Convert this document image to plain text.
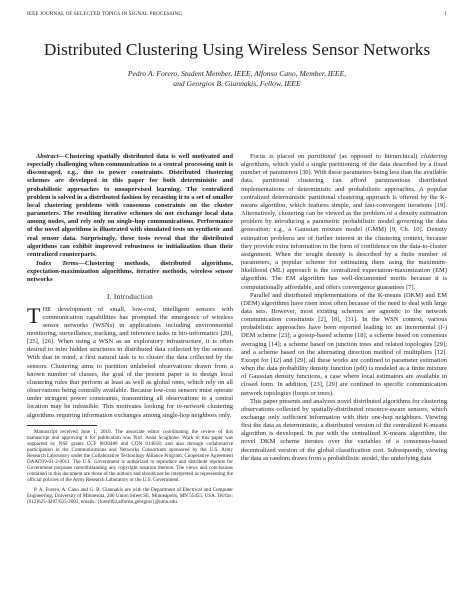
IEEE JOURNAL OF SELECTED TOPICS IN SIGNAL PROCESSING	1
Distributed Clustering Using Wireless Sensor Networks
Pedro A. Forero, Student Member, IEEE, Alfonso Cano, Member, IEEE,
and Georgios B. Giannakis, Fellow, IEEE

Abstract—Clustering spatially distributed data is well motivated and especially challenging when communication to a central processing unit is discouraged, e.g., due to power constraints. Distributed clustering schemes are developed in this paper for both deterministic and probabilistic approaches to unsupervised learning. The centralized problem is solved in a distributed fashion by recasting it to a set of smaller local clustering problems with consensus constraints on the cluster parameters. The resulting iterative schemes do not exchange local data among nodes, and rely only on single-hop communications. Performance of the novel algorithms is illustrated with simulated tests on synthetic and real sensor data. Surprisingly, these tests reveal that the distributed algorithms can exhibit improved robustness to initialization than their centralized counterparts.

Index Terms—Clustering methods, distributed algorithms, expectation-maximization algorithms, iterative methods, wireless sensor networks

I. Introduction

THE development of small, low-cost, intelligent sensors with communication capabilities has prompted the emergence of wireless sensor networks (WSNs) in applications including environmental monitoring, surveillance, tracking, and inference tasks in bio-informatics [20], [25], [26]. When using a WSN as an exploratory infrastructure, it is often desired to infer hidden structures in distributed data collected by the sensors. With that in mind, a first natural task is to cluster the data collected by the sensors. Clustering aims to partition unlabeled observations drawn from a known number of classes, the goal of the present paper is to design local clustering rules that perform at least as well as global ones, which rely on all observations being centrally available. Because low-cost sensors must operate under stringent power constraints, transmitting all observations to a central location may be infeasible. This motivates looking for in-network clustering algorithms requiring information exchanges among single-hop neighbors only.

Manuscript received June 1, 2010. The associate editor coordinating the review of this manuscript and approving it for publication was Prof. Anna Scaglione. Work in this paper was supported by NSF grants CCF 0830480 and CON 014658; and also through collaborative participation in the Communications and Networks Consortium sponsored by the U.S. Army Research Laboratory under the Collaborative Technology Alliance Program, Cooperative Agreement DAAD19-01-2-0011. The U.S. Government is authorized to reproduce and distribute reprints for Government purposes notwithstanding any copyright notation thereon. The views and conclusions contained in this document are those of the authors and should not be interpreted as representing the official policies of the Army Research Laboratory or the U.S. Government.

P. A. Forero, A. Cano and G. B. Giannakis are with the Department of Electrical and Computer Engineering, University of Minnesota, 200 Union Street SE, Minneapolis, MN 55455, USA. Tel/fax: (612)625-4287/625-2002, emails: {forer002,alfonso,georgios}@umn.edu.

Focus is placed on partitional (as opposed to hierarchical) clustering algorithms, which yield a single partitioning of the data described by a fixed number of parameters [30]. With these parameters being less than the available data, partitional clustering can afford parsimonious distributed implementations of deterministic and probabilistic approaches. A popular centralized deterministic partitional clustering approach is offered by the K-means algorithm, which features simple, and fast-convergent iterations [19]. Alternatively, clustering can be viewed as the problem of a density estimation problem by introducing a parametric probabilistic model governing the data generation; e.g., a Gaussian mixture model (GMM) [9, Ch. 10]. Density estimation problems are of further interest in the clustering context, because they provide extra information in the form of confidence on the data-to-cluster assignment. When the sought density is described by a finite number of parameters, a popular scheme for estimating them using the maximum-likelihood (ML) approach is the centralized expectation-maximization (EM) algorithm. The EM algorithm has well-documented merits because it is computationally affordable, and offers convergence guarantees [7].

Parallel and distributed implementations of the K-means (DKM) and EM (DEM) algorithms have risen most often because of the need to deal with large data sets. However, most existing schemes are agnostic to the network communication constraints [2], [8], [31]. In the WSN context, various probabilistic approaches have been reported leading to: an incremental (I-) DEM scheme [23]; a gossip-based scheme [18]; a scheme based on consensus averaging [14]; a scheme based on junction trees and related topologies [29]; and a scheme based on the alternating direction method of multipliers [12]. Except for [12] and [29], all these works are confined to parameter estimation when the data probability density function (pdf) is modeled as a finite mixture of Gaussian density functions, a case where local estimators are available in closed form. In addition, [23], [29] are confined to specific communication network topologies (loops or trees).

This paper presents and analyzes novel distributed algorithms for clustering observations collected by spatially-distributed resource-aware sensors, which exchange only sufficient information with their one-hop neighbors. Viewing first the data as deterministic, a distributed version of the centralized K-means algorithm is developed. In par with the centralized K-means algorithm, the novel DKM scheme iterates over the variables of a consensus-based decentralized version of the global classification cost. Subsequently, viewing the data as random draws from a probabilistic model, the underlying data
